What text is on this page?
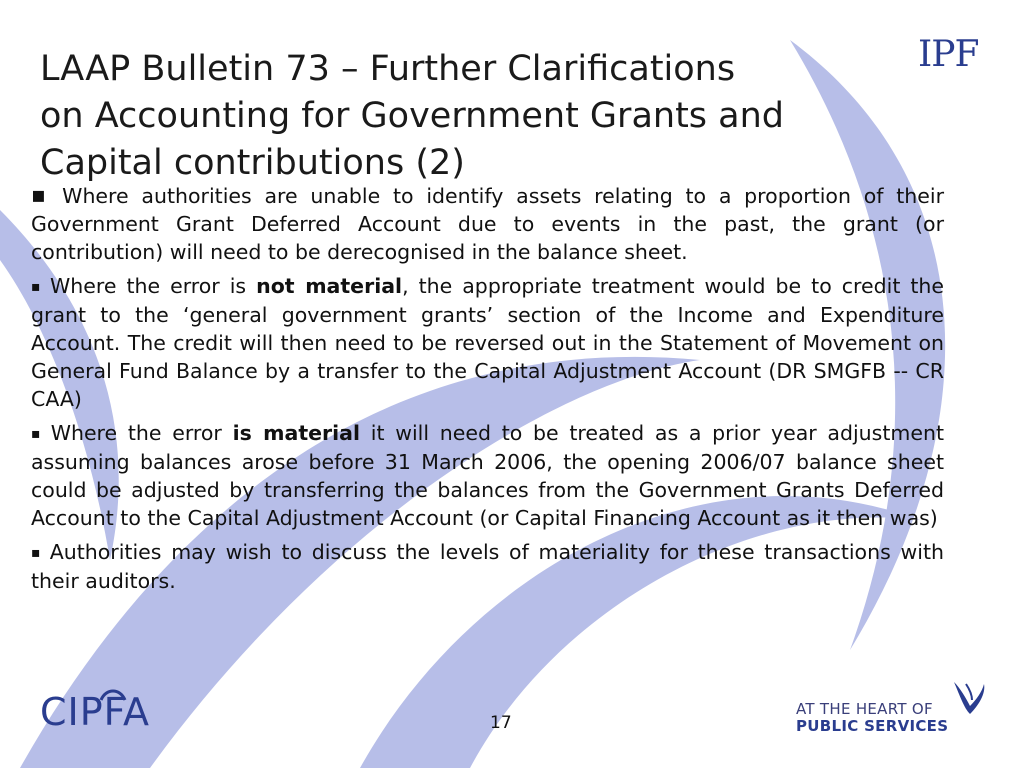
IPF
LAAP Bulletin 73 – Further Clarifications
on Accounting for Government Grants and
Capital contributions (2)

▪ Where authorities are unable to identify assets relating to a proportion of their Government Grant Deferred Account due to events in the past, the grant (or contribution) will need to be derecognised in the balance sheet.

▪ Where the error is not material, the appropriate treatment would be to credit the grant to the ‘general government grants’ section of the Income and Expenditure Account. The credit will then need to be reversed out in the Statement of Movement on General Fund Balance by a transfer to the Capital Adjustment Account (DR SMGFB -- CR CAA)

▪ Where the error is material it will need to be treated as a prior year adjustment assuming balances arose before 31 March 2006, the opening 2006/07 balance sheet could be adjusted by transferring the balances from the Government Grants Deferred Account to the Capital Adjustment Account (or Capital Financing Account as it then was)

▪ Authorities may wish to discuss the levels of materiality for these transactions with their auditors.

CIPFA	17
AT THE HEART OF
PUBLIC SERVICES
